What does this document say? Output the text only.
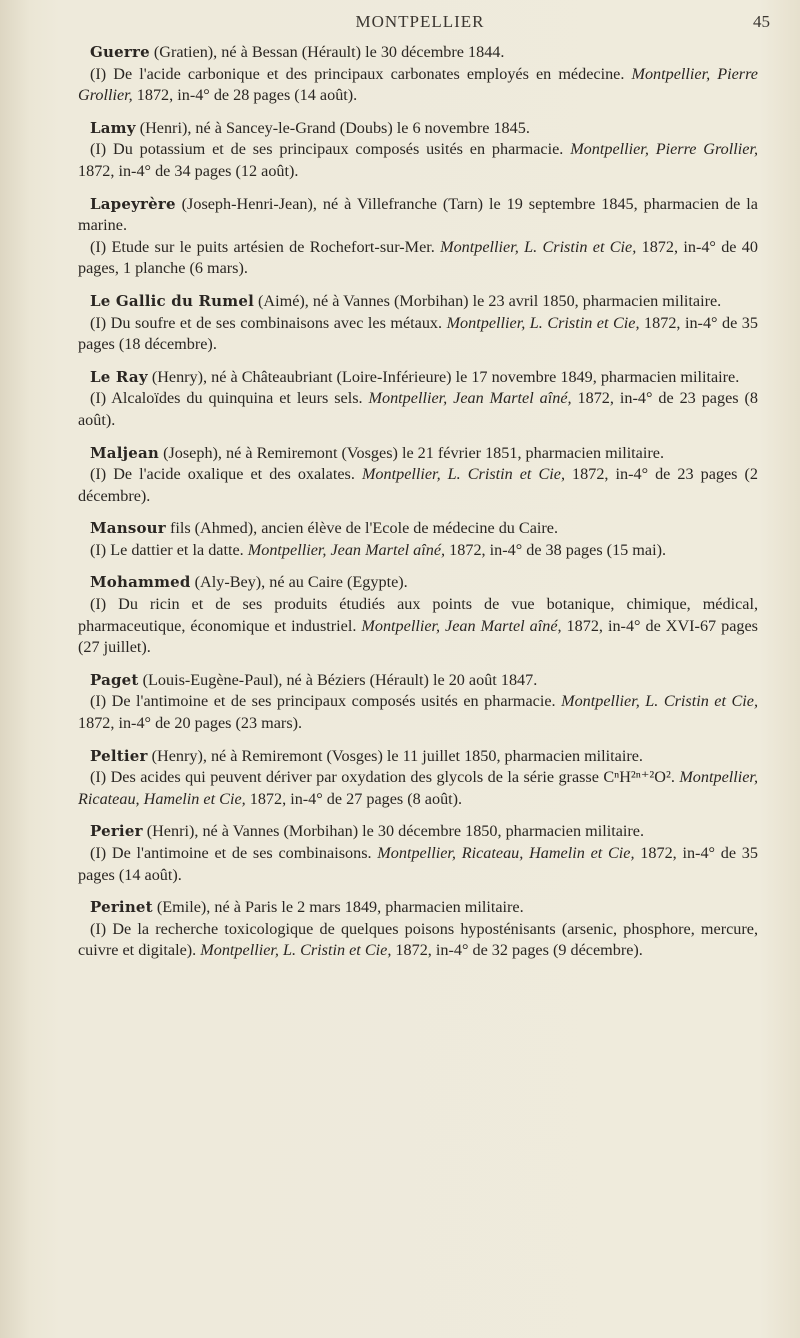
MONTPELLIER	45

Guerre (Gratien), né à Bessan (Hérault) le 30 décembre 1844.

(I) De l'acide carbonique et des principaux carbonates employés en médecine. Montpellier, Pierre Grollier, 1872, in-4° de 28 pages (14 août).

Lamy (Henri), né à Sancey-le-Grand (Doubs) le 6 novembre 1845.

(I) Du potassium et de ses principaux composés usités en pharmacie. Montpellier, Pierre Grollier, 1872, in-4° de 34 pages (12 août).

Lapeyrère (Joseph-Henri-Jean), né à Villefranche (Tarn) le 19 septembre 1845, pharmacien de la marine.

(I) Etude sur le puits artésien de Rochefort-sur-Mer. Montpellier, L. Cristin et Cie, 1872, in-4° de 40 pages, 1 planche (6 mars).

Le Gallic du Rumel (Aimé), né à Vannes (Morbihan) le 23 avril 1850, pharmacien militaire.

(I) Du soufre et de ses combinaisons avec les métaux. Montpellier, L. Cristin et Cie, 1872, in-4° de 35 pages (18 décembre).

Le Ray (Henry), né à Châteaubriant (Loire-Inférieure) le 17 novembre 1849, pharmacien militaire.

(I) Alcaloïdes du quinquina et leurs sels. Montpellier, Jean Martel aîné, 1872, in-4° de 23 pages (8 août).

Maljean (Joseph), né à Remiremont (Vosges) le 21 février 1851, pharmacien militaire.

(I) De l'acide oxalique et des oxalates. Montpellier, L. Cristin et Cie, 1872, in-4° de 23 pages (2 décembre).

Mansour fils (Ahmed), ancien élève de l'Ecole de médecine du Caire.

(I) Le dattier et la datte. Montpellier, Jean Martel aîné, 1872, in-4° de 38 pages (15 mai).

Mohammed (Aly-Bey), né au Caire (Egypte).

(I) Du ricin et de ses produits étudiés aux points de vue botanique, chimique, médical, pharmaceutique, économique et industriel. Montpellier, Jean Martel aîné, 1872, in-4° de XVI-67 pages (27 juillet).

Paget (Louis-Eugène-Paul), né à Béziers (Hérault) le 20 août 1847.

(I) De l'antimoine et de ses principaux composés usités en pharmacie. Montpellier, L. Cristin et Cie, 1872, in-4° de 20 pages (23 mars).

Peltier (Henry), né à Remiremont (Vosges) le 11 juillet 1850, pharmacien militaire.

(I) Des acides qui peuvent dériver par oxydation des glycols de la série grasse CⁿH²ⁿ⁺²O². Montpellier, Ricateau, Hamelin et Cie, 1872, in-4° de 27 pages (8 août).

Perier (Henri), né à Vannes (Morbihan) le 30 décembre 1850, pharmacien militaire.

(I) De l'antimoine et de ses combinaisons. Montpellier, Ricateau, Hamelin et Cie, 1872, in-4° de 35 pages (14 août).

Perinet (Emile), né à Paris le 2 mars 1849, pharmacien militaire.

(I) De la recherche toxicologique de quelques poisons hyposténisants (arsenic, phosphore, mercure, cuivre et digitale). Montpellier, L. Cristin et Cie, 1872, in-4° de 32 pages (9 décembre).
